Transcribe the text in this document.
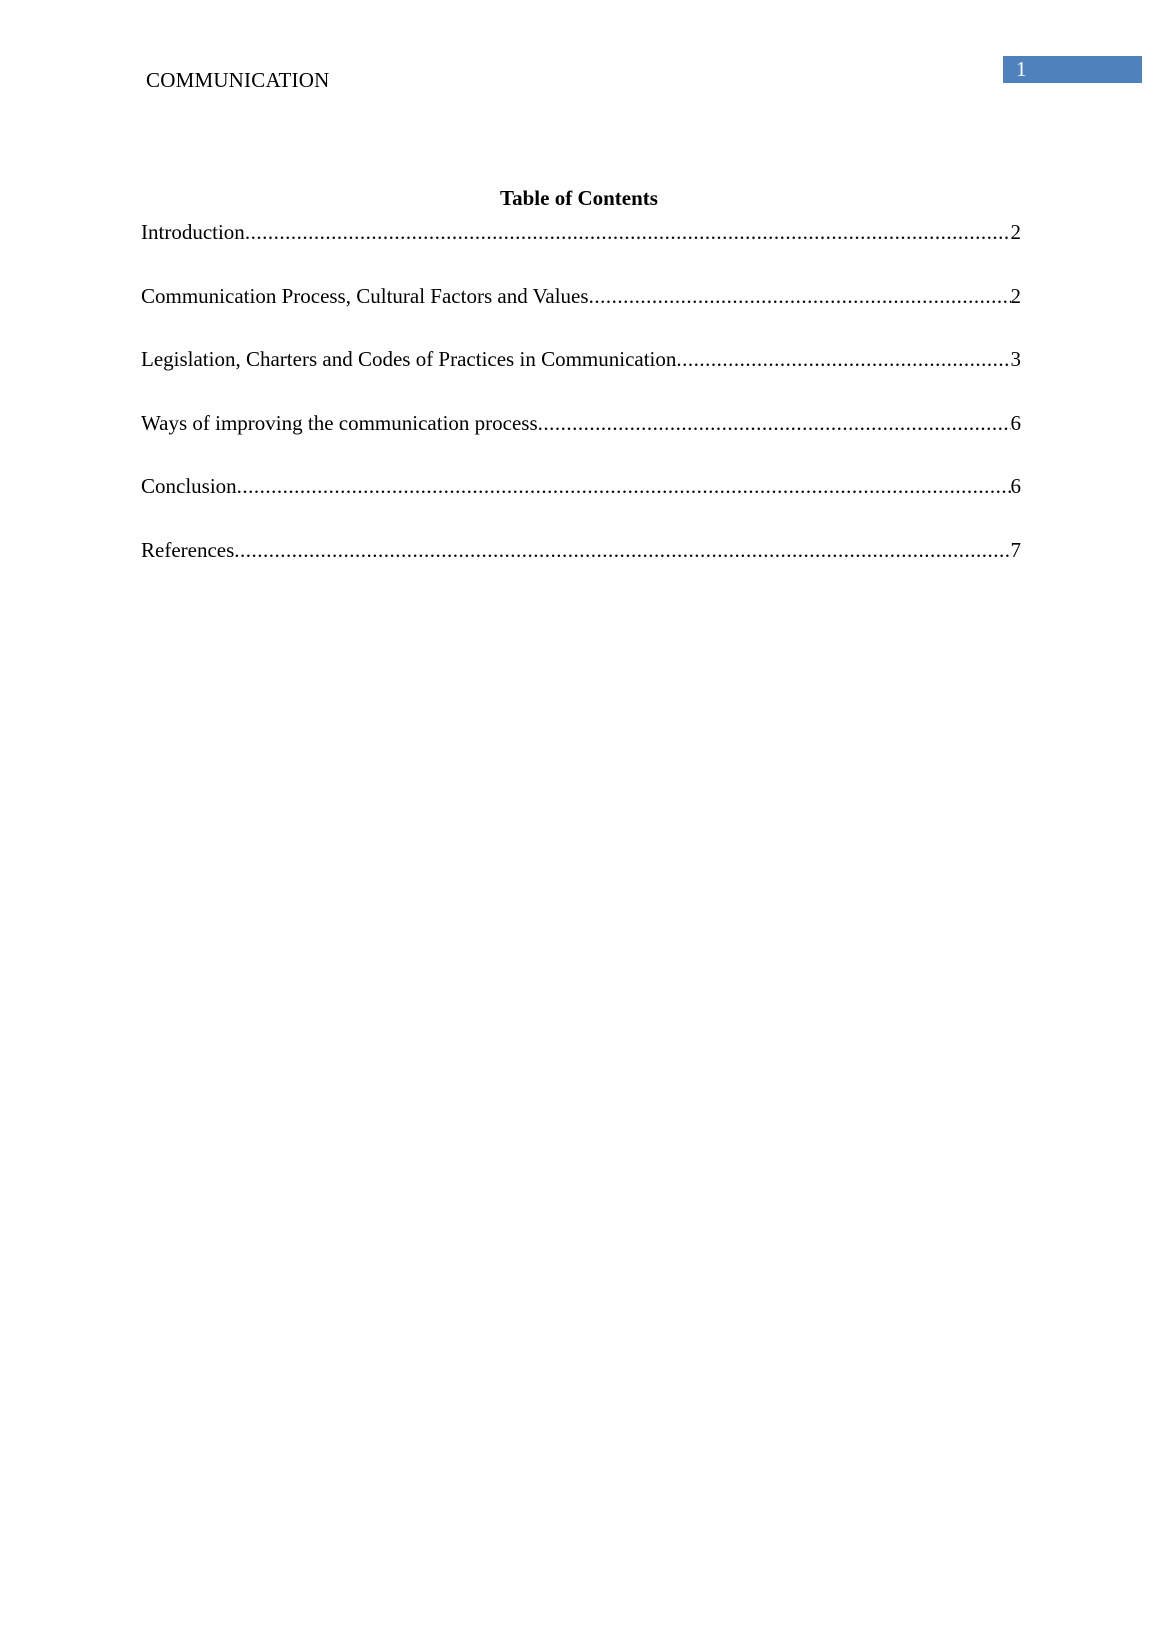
COMMUNICATION	1
Table of Contents
Introduction .....	2
Communication Process, Cultural Factors and Values .....	2
Legislation, Charters and Codes of Practices in Communication .....	3
Ways of improving the communication process .....	6
Conclusion .....	6
References .....	7
